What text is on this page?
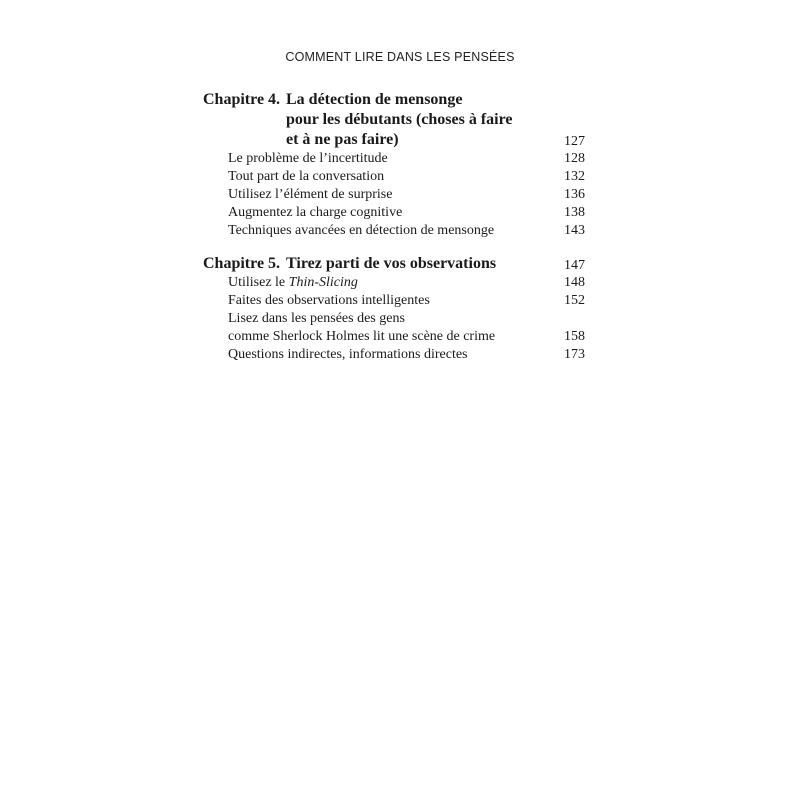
COMMENT LIRE DANS LES PENSÉES
Chapitre 4. La détection de mensonge
pour les débutants (choses à faire
et à ne pas faire)	127
Le problème de l’incertitude	128
Tout part de la conversation	132
Utilisez l’élément de surprise	136
Augmentez la charge cognitive	138
Techniques avancées en détection de mensonge	143
Chapitre 5. Tirez parti de vos observations	147
Utilisez le Thin-Slicing	148
Faites des observations intelligentes	152
Lisez dans les pensées des gens
comme Sherlock Holmes lit une scène de crime	158
Questions indirectes, informations directes	173
